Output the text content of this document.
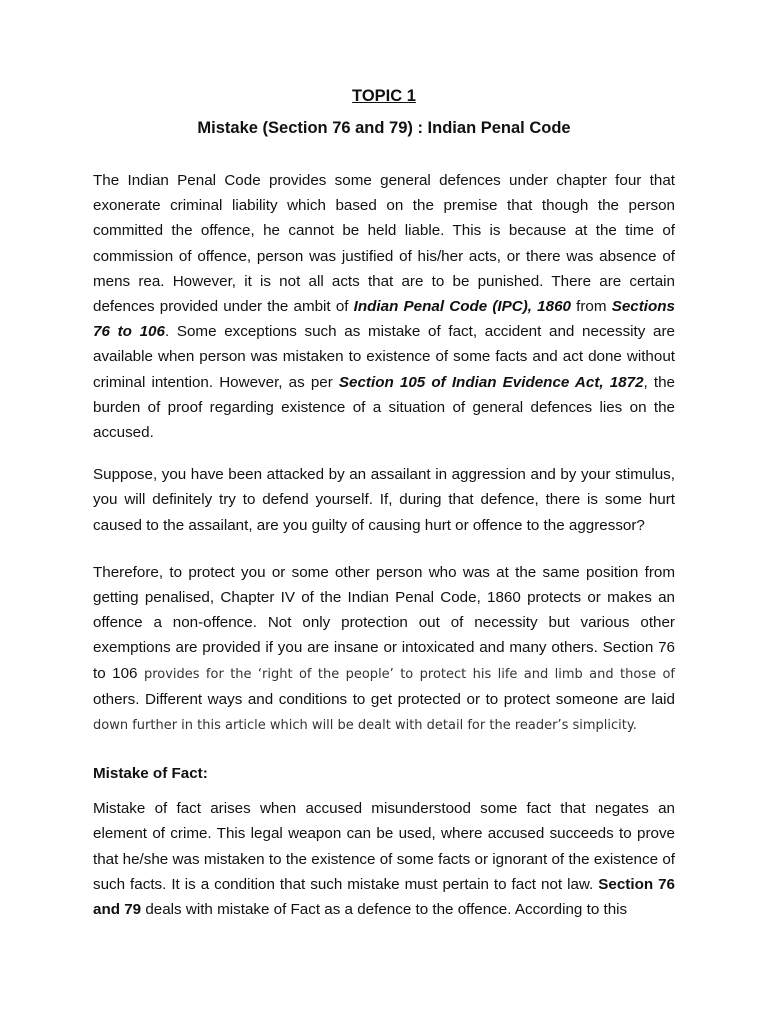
TOPIC 1
Mistake (Section 76 and 79) : Indian Penal Code

The Indian Penal Code provides some general defences under chapter four that exonerate criminal liability which based on the premise that though the person committed the offence, he cannot be held liable. This is because at the time of commission of offence, person was justified of his/her acts, or there was absence of mens rea. However, it is not all acts that are to be punished. There are certain defences provided under the ambit of Indian Penal Code (IPC), 1860 from Sections 76 to 106. Some exceptions such as mistake of fact, accident and necessity are available when person was mistaken to existence of some facts and act done without criminal intention. However, as per Section 105 of Indian Evidence Act, 1872, the burden of proof regarding existence of a situation of general defences lies on the accused.

Suppose, you have been attacked by an assailant in aggression and by your stimulus, you will definitely try to defend yourself. If, during that defence, there is some hurt caused to the assailant, are you guilty of causing hurt or offence to the aggressor?

Therefore, to protect you or some other person who was at the same position from getting penalised, Chapter IV of the Indian Penal Code, 1860 protects or makes an offence a non-offence. Not only protection out of necessity but various other exemptions are provided if you are insane or intoxicated and many others. Section 76 to 106 provides for the ‘right of the people’ to protect his life and limb and those of others. Different ways and conditions to get protected or to protect someone are laid down further in this article which will be dealt with detail for the reader’s simplicity.

Mistake of Fact:

Mistake of fact arises when accused misunderstood some fact that negates an element of crime. This legal weapon can be used, where accused succeeds to prove that he/she was mistaken to the existence of some facts or ignorant of the existence of such facts. It is a condition that such mistake must pertain to fact not law. Section 76 and 79 deals with mistake of Fact as a defence to the offence. According to this
